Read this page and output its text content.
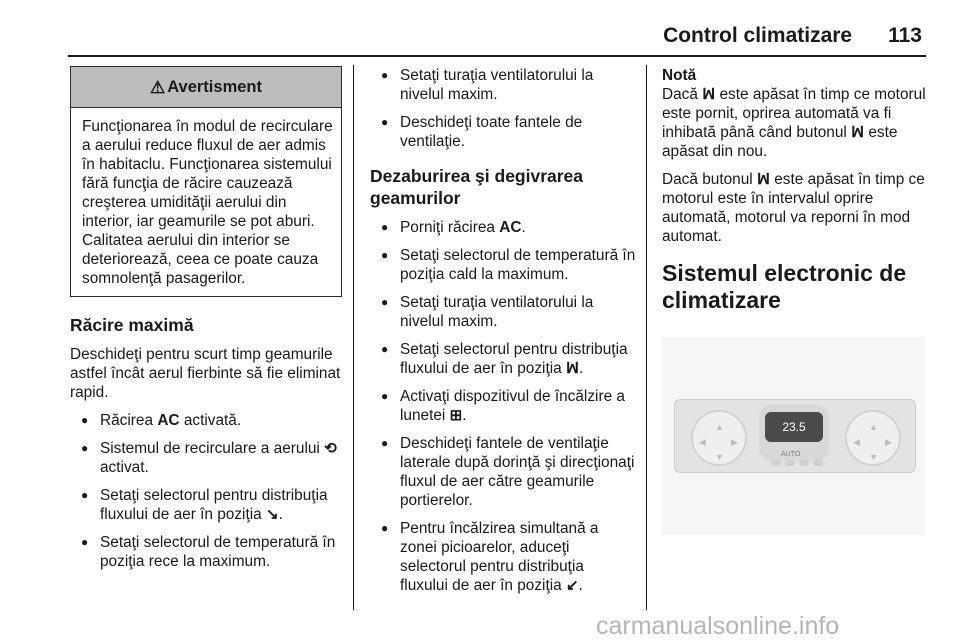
Control climatizare 113
⚠ Avertisment

Funcţionarea în modul de recirculare a aerului reduce fluxul de aer admis în habitaclu. Funcţionarea sistemului fără funcţia de răcire cauzează creşterea umidităţii aerului din interior, iar geamurile se pot aburi. Calitatea aerului din interior se deteriorează, ceea ce poate cauza somnolenţă pasagerilor.

Răcire maximă

Deschideţi pentru scurt timp geamurile astfel încât aerul fierbinte să fie eliminat rapid.

● Răcirea AC activată.
● Sistemul de recirculare a aerului ⟲ activat.
● Setaţi selectorul pentru distribuţia fluxului de aer în poziţia ↘.
● Setaţi selectorul de temperatură în poziţia rece la maximum.
● Setaţi turaţia ventilatorului la nivelul maxim.
● Deschideţi toate fantele de ventilaţie.
Dezaburirea şi degivrarea geamurilor
● Porniţi răcirea AC.
● Setaţi selectorul de temperatură în poziţia cald la maximum.
● Setaţi turaţia ventilatorului la nivelul maxim.
● Setaţi selectorul pentru distribuţia fluxului de aer în poziţia ꟽ.
● Activaţi dispozitivul de încălzire a lunetei ⊞.
● Deschideţi fantele de ventilaţie laterale după dorinţă şi direcţionaţi fluxul de aer către geamurile portierelor.
● Pentru încălzirea simultană a zonei picioarelor, aduceţi selectorul pentru distribuţia fluxului de aer în poziţia ↙.

Notă

Dacă ꟽ este apăsat în timp ce motorul este pornit, oprirea automată va fi inhibată până când butonul ꟽ este apăsat din nou.

Dacă butonul ꟽ este apăsat în timp ce motorul este în intervalul oprire automată, motorul va reporni în mod automat.

Sistemul electronic de climatizare
▲
▼
◀	▶
23.5
AUTO
▲
▼
◀	▶
carmanualsonline.info
